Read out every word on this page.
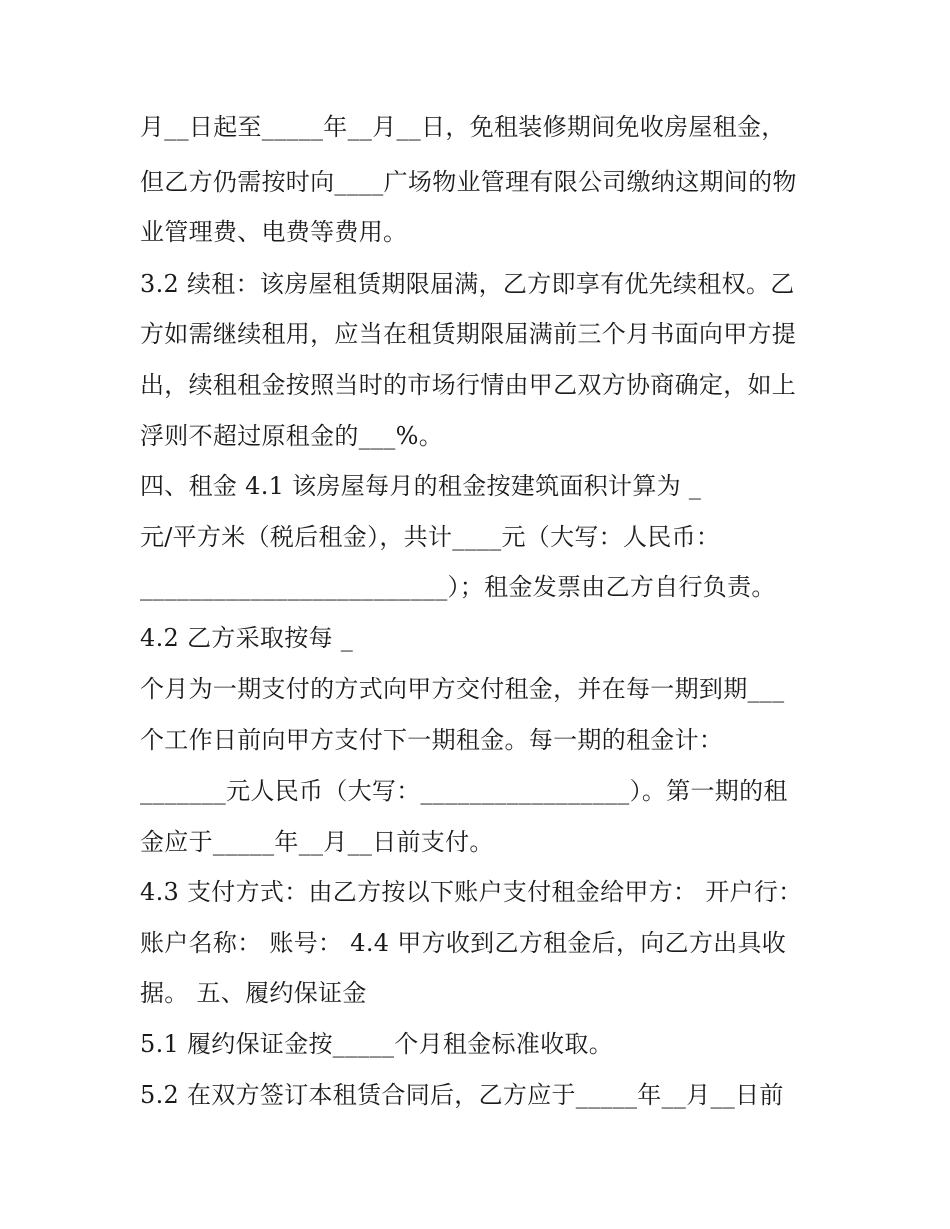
月__日起至_____年__月__日，免租装修期间免收房屋租金，
但乙方仍需按时向____广场物业管理有限公司缴纳这期间的物
业管理费、电费等费用。
3.2 续租：该房屋租赁期限届满，乙方即享有优先续租权。乙
方如需继续租用，应当在租赁期限届满前三个月书面向甲方提
出，续租租金按照当时的市场行情由甲乙双方协商确定，如上
浮则不超过原租金的___%。
四、租金 4.1 该房屋每月的租金按建筑面积计算为 _
元/平方米（税后租金），共计____元（大写：人民币：
_________________________）；租金发票由乙方自行负责。
4.2 乙方采取按每 _
个月为一期支付的方式向甲方交付租金，并在每一期到期___
个工作日前向甲方支付下一期租金。每一期的租金计：
_______元人民币（大写：_________________）。第一期的租
金应于_____年__月__日前支付。
4.3 支付方式：由乙方按以下账户支付租金给甲方： 开户行：
账户名称： 账号： 4.4 甲方收到乙方租金后，向乙方出具收
据。 五、履约保证金
5.1 履约保证金按_____个月租金标准收取。
5.2 在双方签订本租赁合同后，乙方应于_____年__月__日前
